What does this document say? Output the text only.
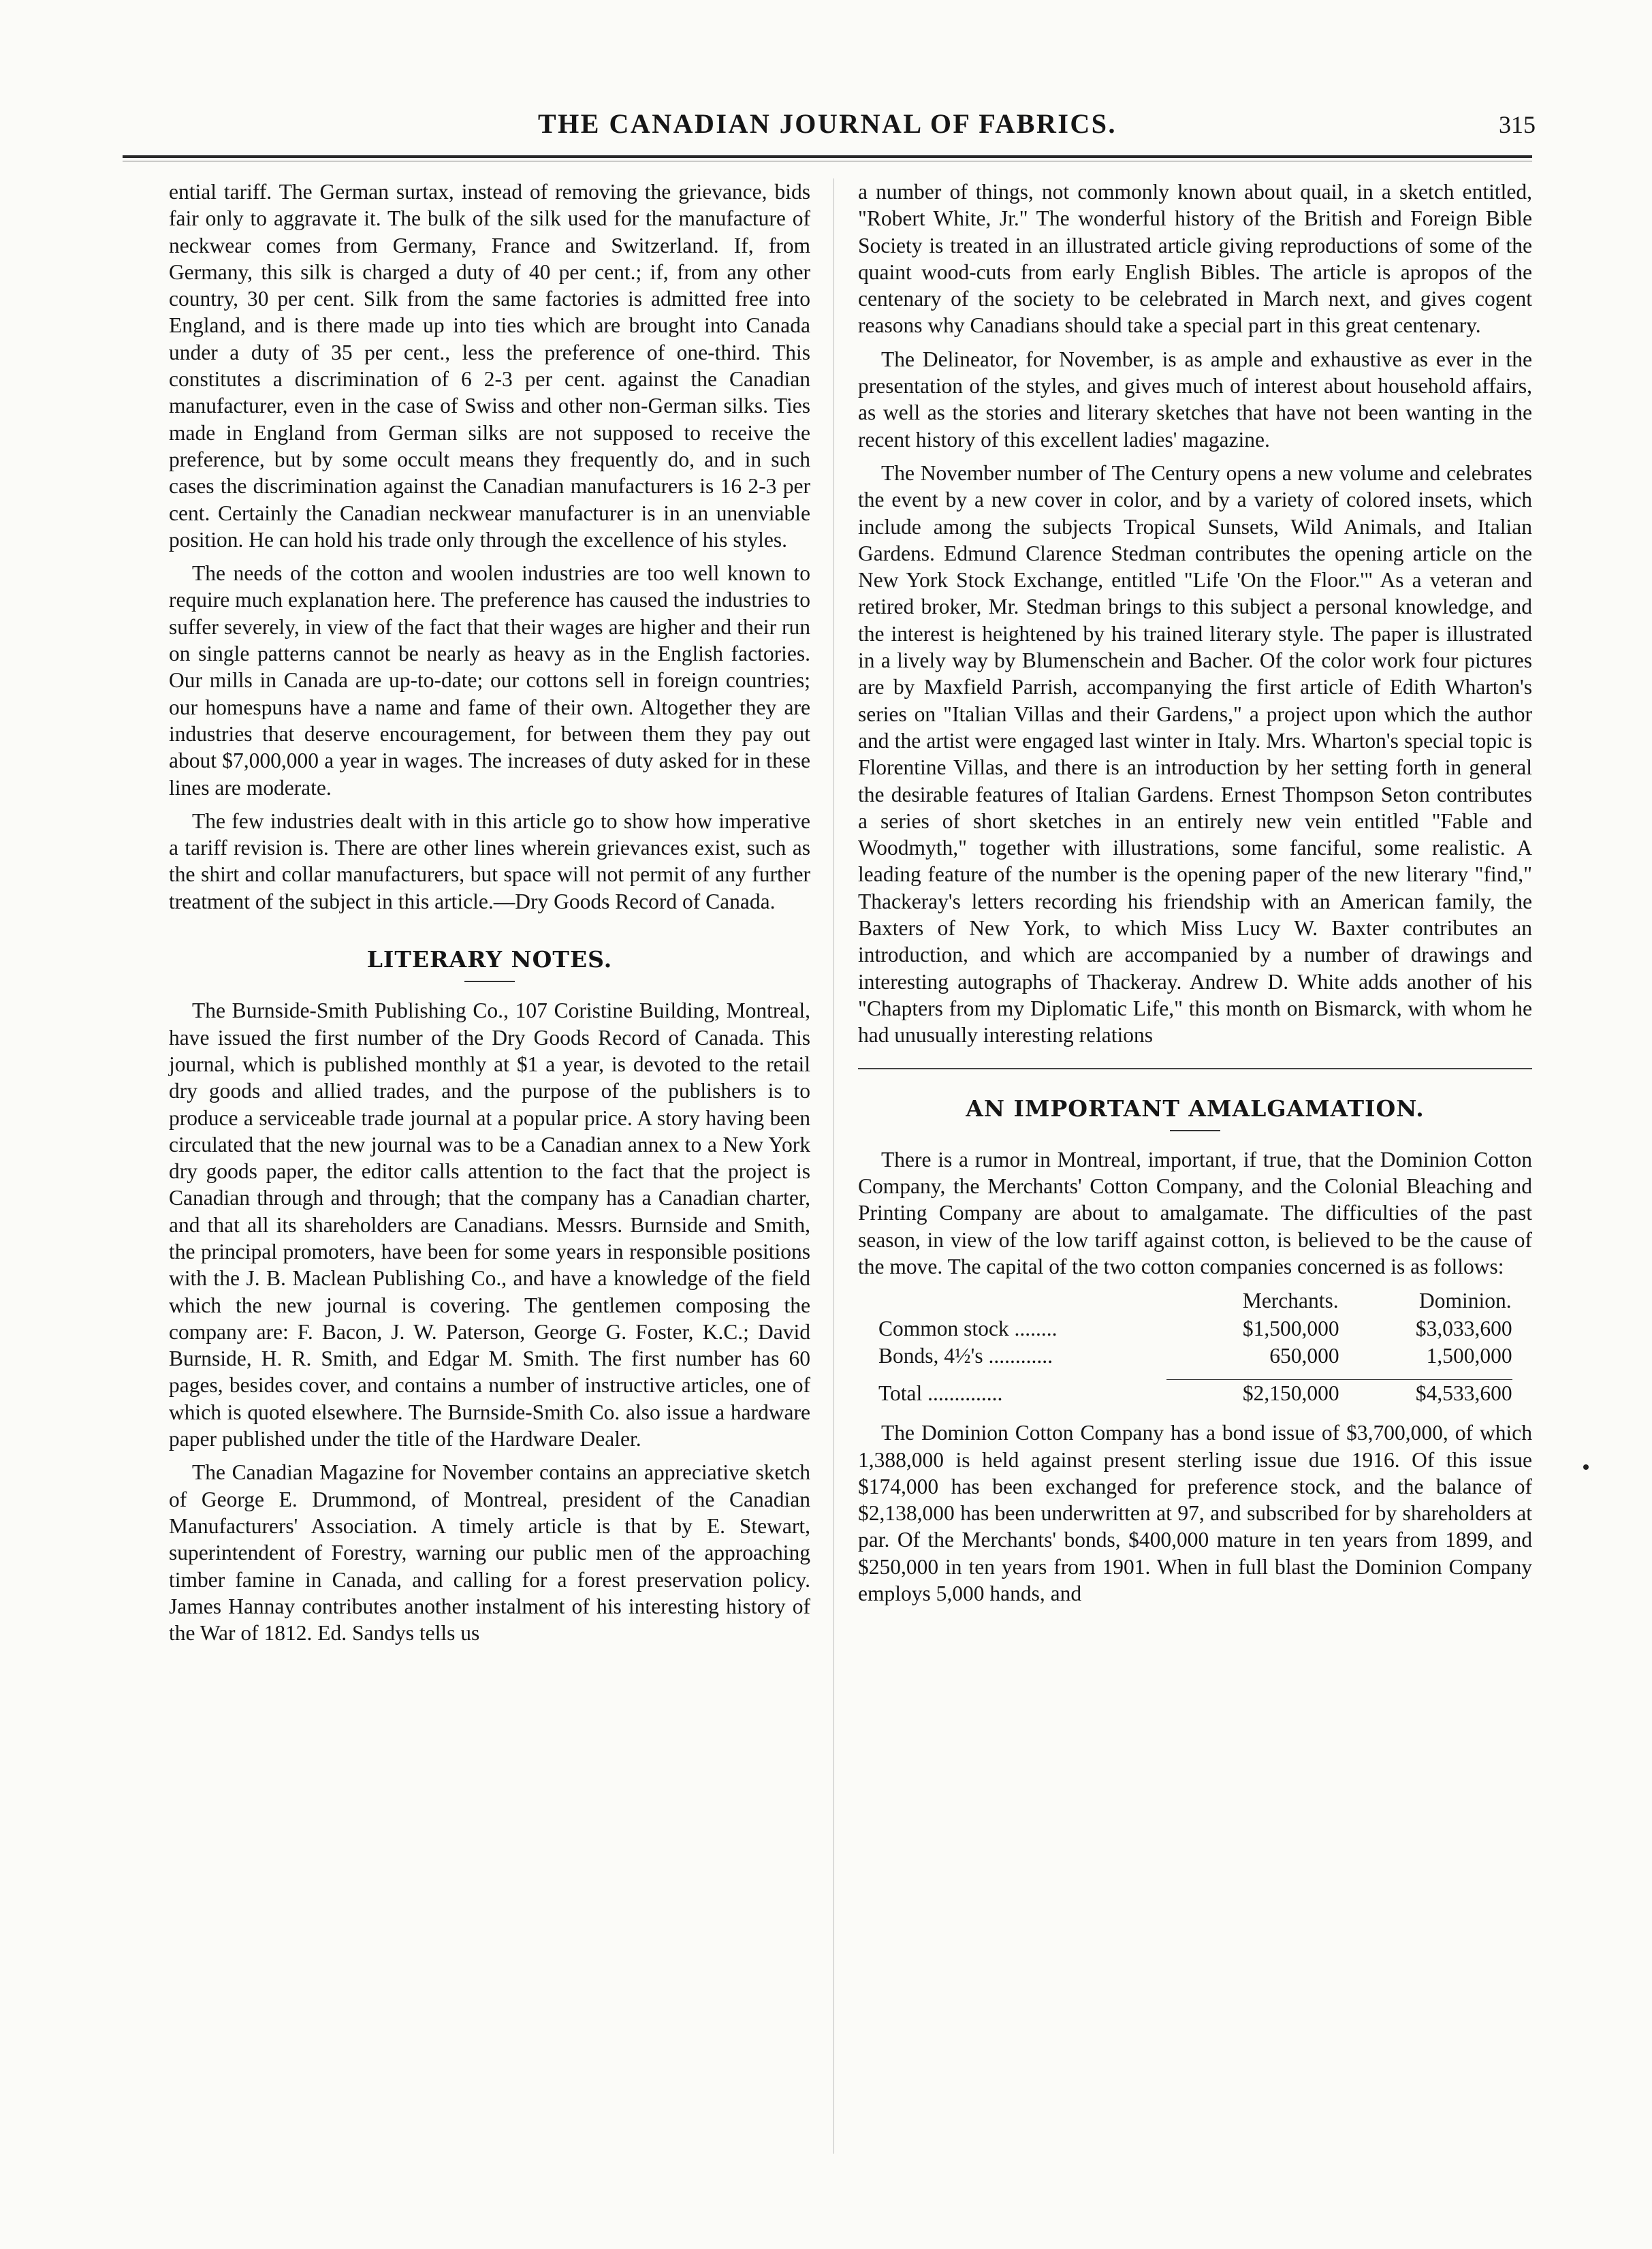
THE CANADIAN JOURNAL OF FABRICS.	315

ential tariff. The German surtax, instead of removing the grievance, bids fair only to aggravate it. The bulk of the silk used for the manufacture of neckwear comes from Germany, France and Switzerland. If, from Germany, this silk is charged a duty of 40 per cent.; if, from any other country, 30 per cent. Silk from the same factories is admitted free into England, and is there made up into ties which are brought into Canada under a duty of 35 per cent., less the preference of one-third. This constitutes a discrimination of 6 2-3 per cent. against the Canadian manufacturer, even in the case of Swiss and other non-German silks. Ties made in England from German silks are not supposed to receive the preference, but by some occult means they frequently do, and in such cases the discrimination against the Canadian manufacturers is 16 2-3 per cent. Certainly the Canadian neckwear manufacturer is in an unenviable position. He can hold his trade only through the excellence of his styles.

The needs of the cotton and woolen industries are too well known to require much explanation here. The preference has caused the industries to suffer severely, in view of the fact that their wages are higher and their run on single patterns cannot be nearly as heavy as in the English factories. Our mills in Canada are up-to-date; our cottons sell in foreign countries; our homespuns have a name and fame of their own. Altogether they are industries that deserve encouragement, for between them they pay out about $7,000,000 a year in wages. The increases of duty asked for in these lines are moderate.

The few industries dealt with in this article go to show how imperative a tariff revision is. There are other lines wherein grievances exist, such as the shirt and collar manufacturers, but space will not permit of any further treatment of the subject in this article.—Dry Goods Record of Canada.

LITERARY NOTES.

The Burnside-Smith Publishing Co., 107 Coristine Building, Montreal, have issued the first number of the Dry Goods Record of Canada. This journal, which is published monthly at $1 a year, is devoted to the retail dry goods and allied trades, and the purpose of the publishers is to produce a serviceable trade journal at a popular price. A story having been circulated that the new journal was to be a Canadian annex to a New York dry goods paper, the editor calls attention to the fact that the project is Canadian through and through; that the company has a Canadian charter, and that all its shareholders are Canadians. Messrs. Burnside and Smith, the principal promoters, have been for some years in responsible positions with the J. B. Maclean Publishing Co., and have a knowledge of the field which the new journal is covering. The gentlemen composing the company are: F. Bacon, J. W. Paterson, George G. Foster, K.C.; David Burnside, H. R. Smith, and Edgar M. Smith. The first number has 60 pages, besides cover, and contains a number of instructive articles, one of which is quoted elsewhere. The Burnside-Smith Co. also issue a hardware paper published under the title of the Hardware Dealer.

The Canadian Magazine for November contains an appreciative sketch of George E. Drummond, of Montreal, president of the Canadian Manufacturers' Association. A timely article is that by E. Stewart, superintendent of Forestry, warning our public men of the approaching timber famine in Canada, and calling for a forest preservation policy. James Hannay contributes another instalment of his interesting history of the War of 1812. Ed. Sandys tells us

a number of things, not commonly known about quail, in a sketch entitled, "Robert White, Jr." The wonderful history of the British and Foreign Bible Society is treated in an illustrated article giving reproductions of some of the quaint wood-cuts from early English Bibles. The article is apropos of the centenary of the society to be celebrated in March next, and gives cogent reasons why Canadians should take a special part in this great centenary.

The Delineator, for November, is as ample and exhaustive as ever in the presentation of the styles, and gives much of interest about household affairs, as well as the stories and literary sketches that have not been wanting in the recent history of this excellent ladies' magazine.

The November number of The Century opens a new volume and celebrates the event by a new cover in color, and by a variety of colored insets, which include among the subjects Tropical Sunsets, Wild Animals, and Italian Gardens. Edmund Clarence Stedman contributes the opening article on the New York Stock Exchange, entitled "Life 'On the Floor.'" As a veteran and retired broker, Mr. Stedman brings to this subject a personal knowledge, and the interest is heightened by his trained literary style. The paper is illustrated in a lively way by Blumenschein and Bacher. Of the color work four pictures are by Maxfield Parrish, accompanying the first article of Edith Wharton's series on "Italian Villas and their Gardens," a project upon which the author and the artist were engaged last winter in Italy. Mrs. Wharton's special topic is Florentine Villas, and there is an introduction by her setting forth in general the desirable features of Italian Gardens. Ernest Thompson Seton contributes a series of short sketches in an entirely new vein entitled "Fable and Woodmyth," together with illustrations, some fanciful, some realistic. A leading feature of the number is the opening paper of the new literary "find," Thackeray's letters recording his friendship with an American family, the Baxters of New York, to which Miss Lucy W. Baxter contributes an introduction, and which are accompanied by a number of drawings and interesting autographs of Thackeray. Andrew D. White adds another of his "Chapters from my Diplomatic Life," this month on Bismarck, with whom he had unusually interesting relations

AN IMPORTANT AMALGAMATION.

There is a rumor in Montreal, important, if true, that the Dominion Cotton Company, the Merchants' Cotton Company, and the Colonial Bleaching and Printing Company are about to amalgamate. The difficulties of the past season, in view of the low tariff against cotton, is believed to be the cause of the move. The capital of the two cotton companies concerned is as follows:

	Merchants.	Dominion.
Common stock ........	$1,500,000	$3,033,600
Bonds, 4½'s ............	650,000	1,500,000

Total ..............	$2,150,000	$4,533,600

The Dominion Cotton Company has a bond issue of $3,700,000, of which 1,388,000 is held against present sterling issue due 1916. Of this issue $174,000 has been exchanged for preference stock, and the balance of $2,138,000 has been underwritten at 97, and subscribed for by shareholders at par. Of the Merchants' bonds, $400,000 mature in ten years from 1899, and $250,000 in ten years from 1901. When in full blast the Dominion Company employs 5,000 hands, and
